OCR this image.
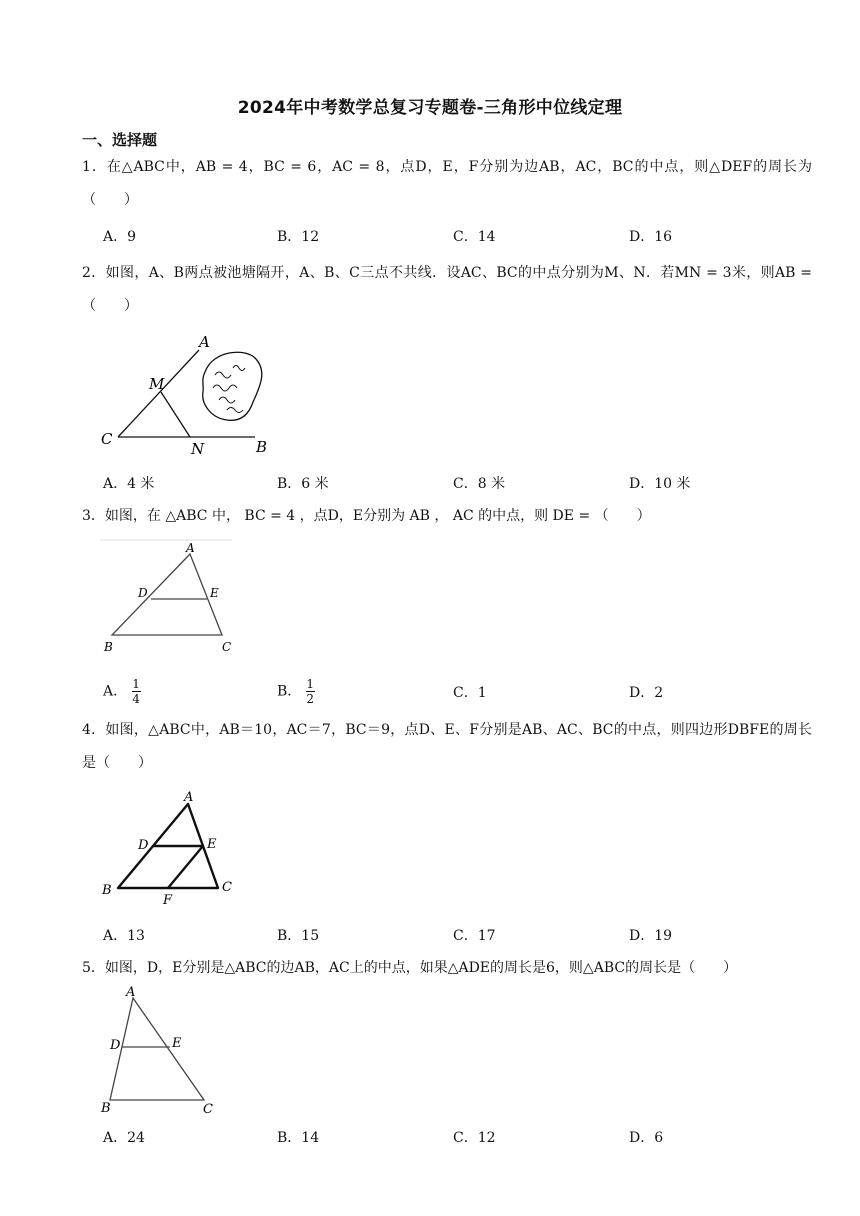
2024年中考数学总复习专题卷-三角形中位线定理
一、选择题
1．在△ABC中，AB = 4，BC = 6，AC = 8，点D，E，F分别为边AB，AC，BC的中点，则△DEF的周长为（　　）
A．9	B．12	C．14	D．16
2．如图，A、B两点被池塘隔开，A、B、C三点不共线．设AC、BC的中点分别为M、N．若MN = 3米，则AB =（　　）
A
M
C
N	B
A．4 米	B．6 米	C．8 米	D．10 米
3．如图，在 △ABC 中， BC = 4 ，点D，E分别为 AB ， AC 的中点，则 DE = （　　）
A
D	E
B	C
A． $\frac{1}{4}$	B． $\frac{1}{2}$	C．1	D．2
4．如图，△ABC中，AB＝10，AC＝7，BC＝9，点D、E、F分别是AB、AC、BC的中点，则四边形DBFE的周长是（　　）
A
D	E
B
F
C
A．13	B．15	C．17	D．19
5．如图，D，E分别是△ABC的边AB，AC上的中点，如果△ADE的周长是6，则△ABC的周长是（　　）
A
D	E
B	C
A．24	B．14	C．12	D．6
